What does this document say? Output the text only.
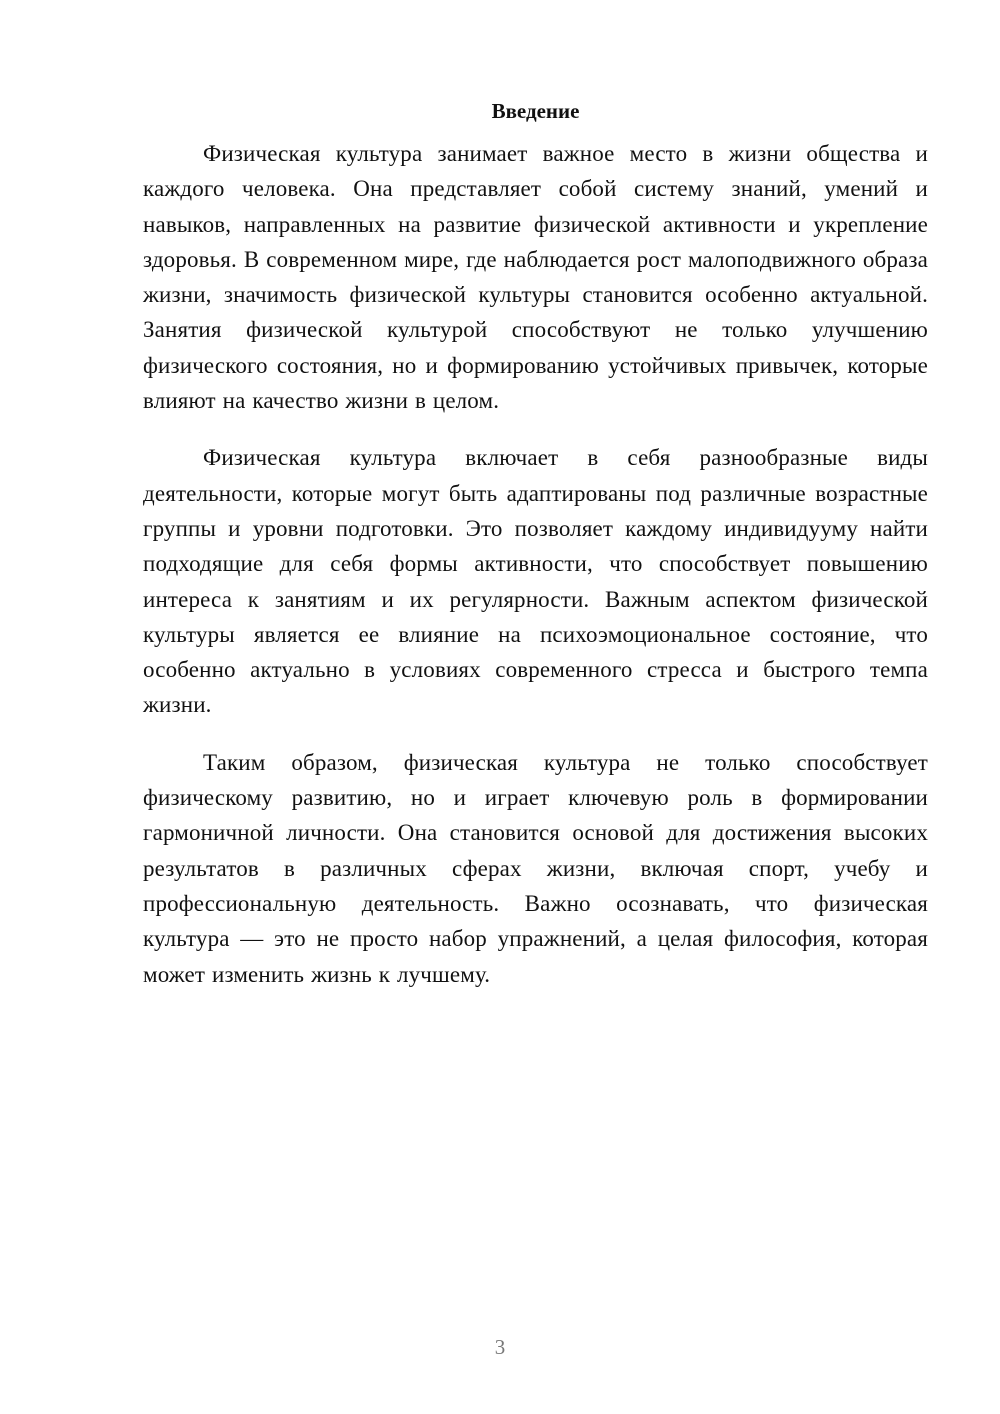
Введение

Физическая культура занимает важное место в жизни общества и каждого человека. Она представляет собой систему знаний, умений и навыков, направленных на развитие физической активности и укрепление здоровья. В современном мире, где наблюдается рост малоподвижного образа жизни, значимость физической культуры становится особенно актуальной. Занятия физической культурой способствуют не только улучшению физического состояния, но и формированию устойчивых привычек, которые влияют на качество жизни в целом.

Физическая культура включает в себя разнообразные виды деятельности, которые могут быть адаптированы под различные возрастные группы и уровни подготовки. Это позволяет каждому индивидууму найти подходящие для себя формы активности, что способствует повышению интереса к занятиям и их регулярности. Важным аспектом физической культуры является ее влияние на психоэмоциональное состояние, что особенно актуально в условиях современного стресса и быстрого темпа жизни.

Таким образом, физическая культура не только способствует физическому развитию, но и играет ключевую роль в формировании гармоничной личности. Она становится основой для достижения высоких результатов в различных сферах жизни, включая спорт, учебу и профессиональную деятельность. Важно осознавать, что физическая культура — это не просто набор упражнений, а целая философия, которая может изменить жизнь к лучшему.

3
